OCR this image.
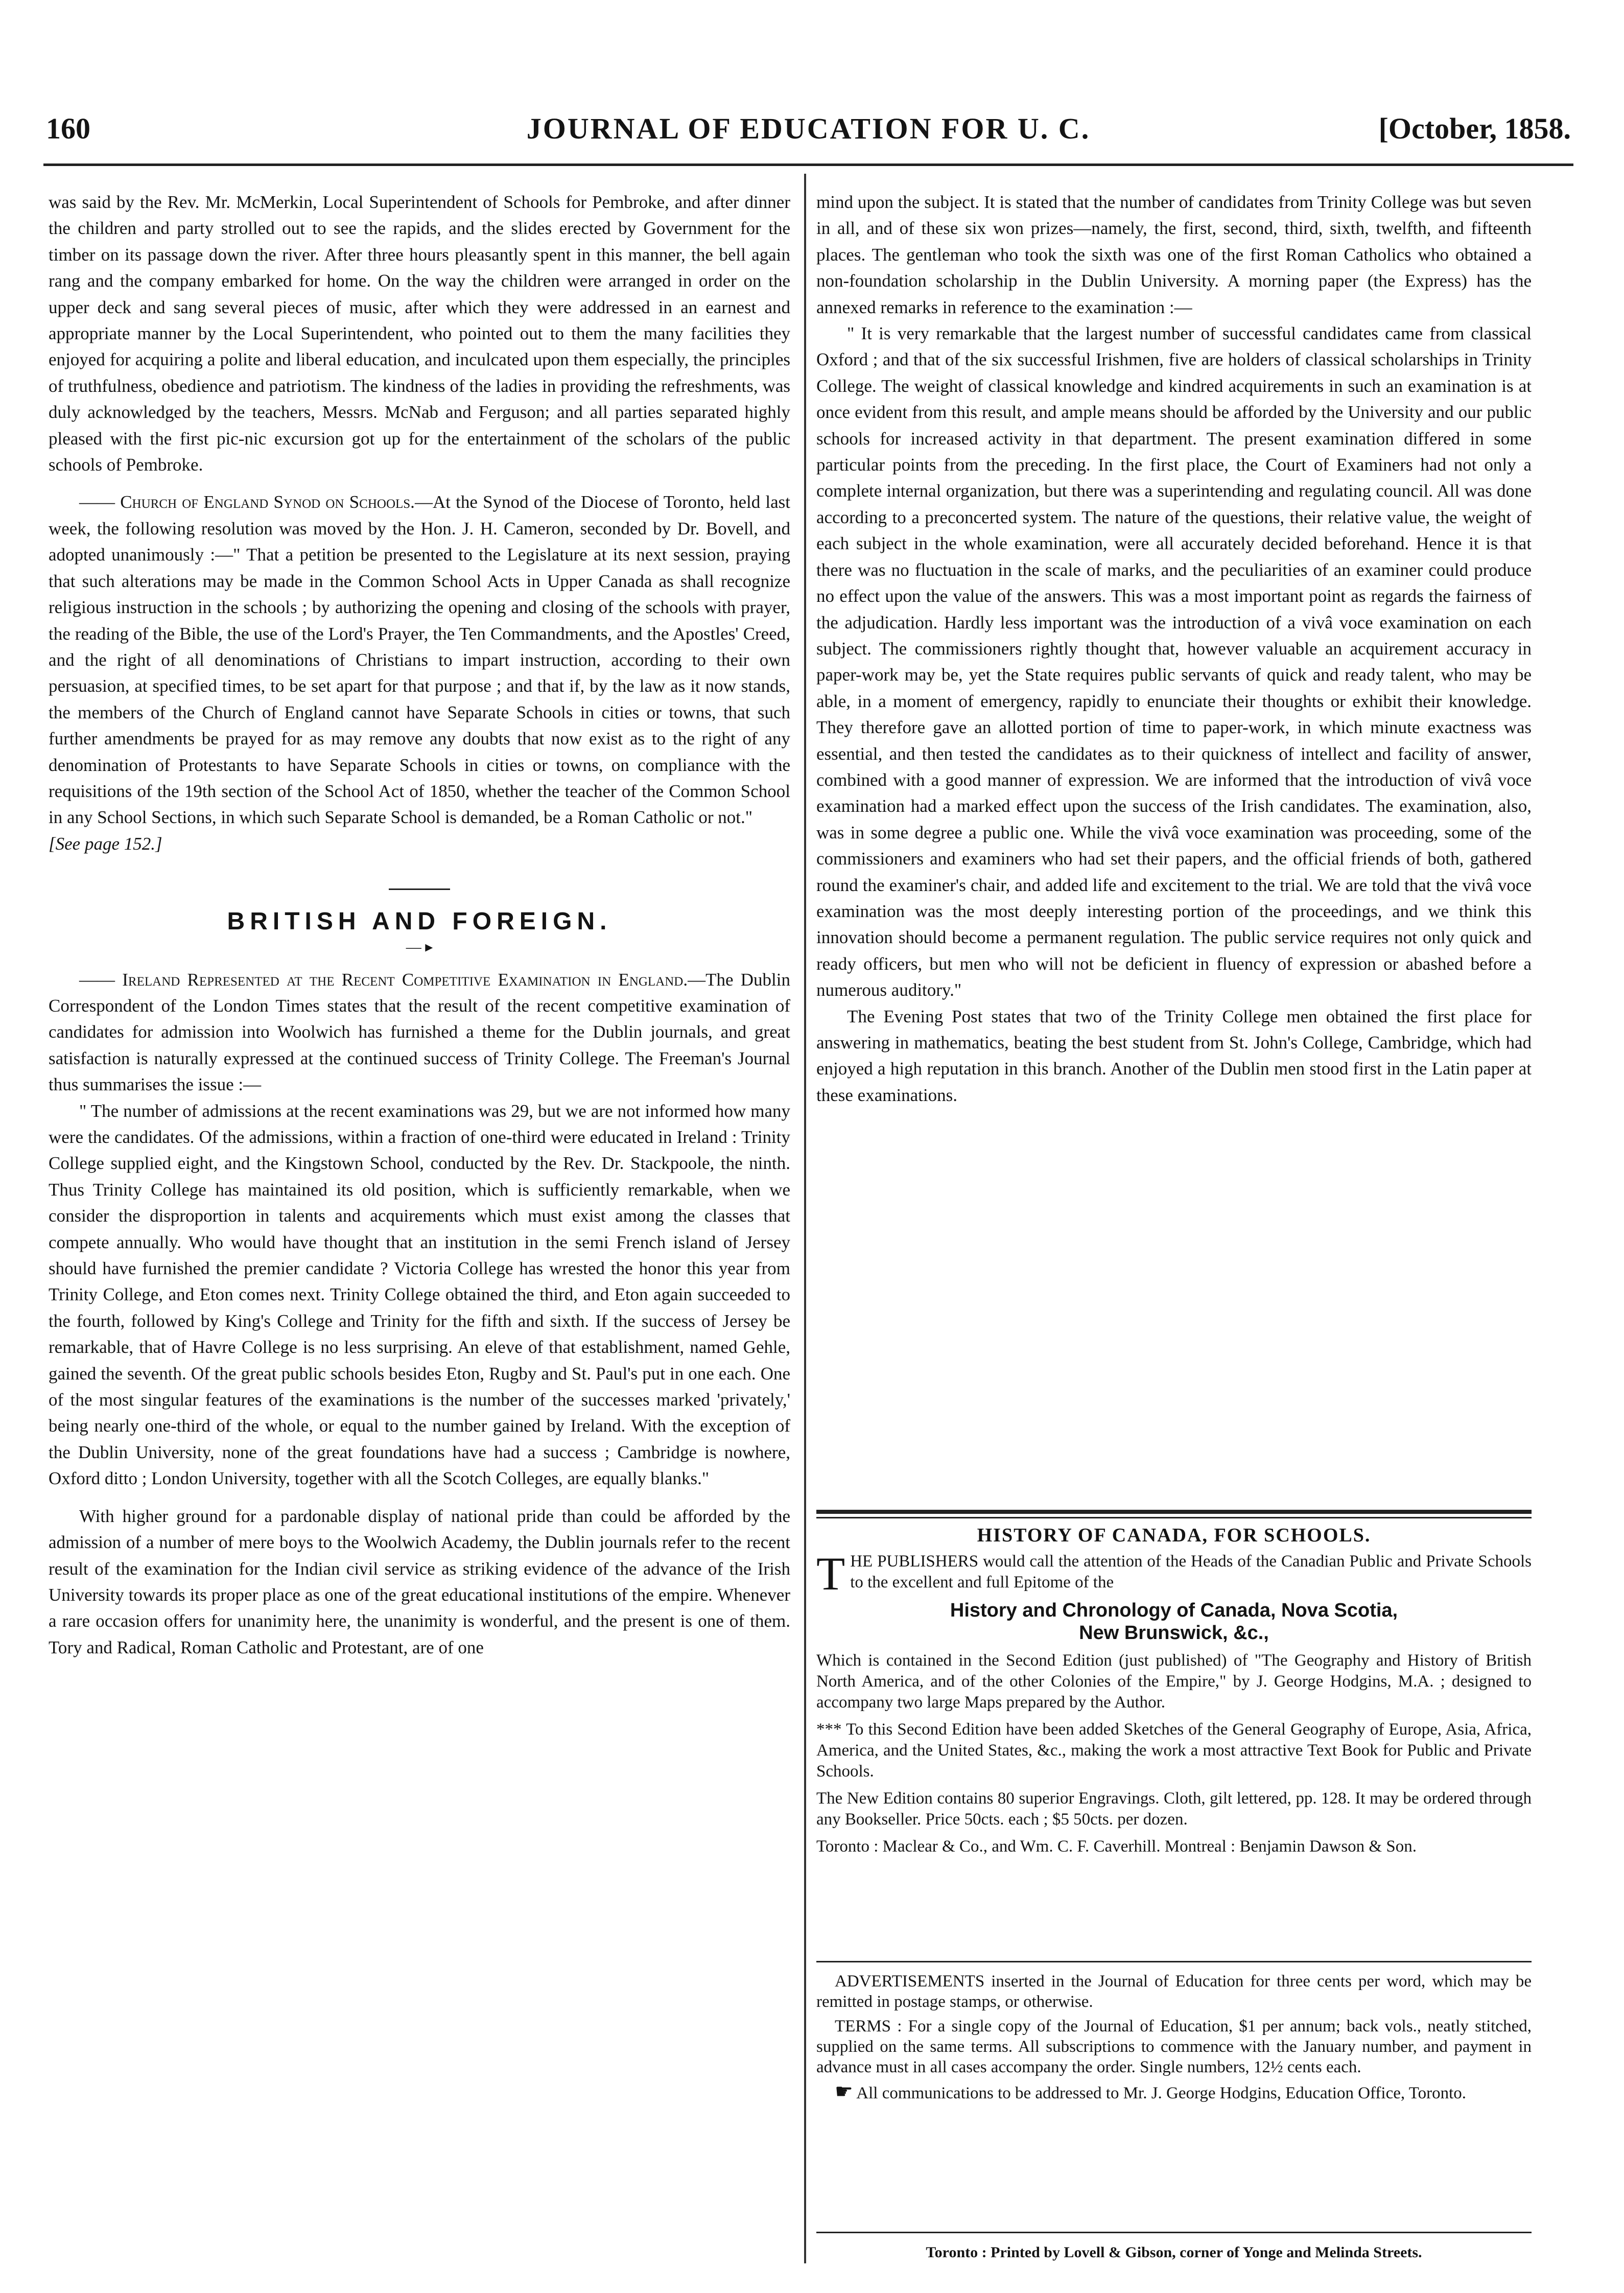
160	JOURNAL OF EDUCATION FOR U. C.	[October, 1858.

was said by the Rev. Mr. McMerkin, Local Superintendent of Schools for Pembroke, and after dinner the children and party strolled out to see the rapids, and the slides erected by Government for the timber on its passage down the river. After three hours pleasantly spent in this manner, the bell again rang and the company embarked for home. On the way the children were arranged in order on the upper deck and sang several pieces of music, after which they were addressed in an earnest and appropriate manner by the Local Superintendent, who pointed out to them the many facilities they enjoyed for acquiring a polite and liberal education, and inculcated upon them especially, the principles of truthfulness, obedience and patriotism. The kindness of the ladies in providing the refreshments, was duly acknowledged by the teachers, Messrs. McNab and Ferguson; and all parties separated highly pleased with the first pic-nic excursion got up for the entertainment of the scholars of the public schools of Pembroke.

—— Church of England Synod on Schools.—At the Synod of the Diocese of Toronto, held last week, the following resolution was moved by the Hon. J. H. Cameron, seconded by Dr. Bovell, and adopted unanimously :—" That a petition be presented to the Legislature at its next session, praying that such alterations may be made in the Common School Acts in Upper Canada as shall recognize religious instruction in the schools ; by authorizing the opening and closing of the schools with prayer, the reading of the Bible, the use of the Lord's Prayer, the Ten Commandments, and the Apostles' Creed, and the right of all denominations of Christians to impart instruction, according to their own persuasion, at specified times, to be set apart for that purpose ; and that if, by the law as it now stands, the members of the Church of England cannot have Separate Schools in cities or towns, that such further amendments be prayed for as may remove any doubts that now exist as to the right of any denomination of Protestants to have Separate Schools in cities or towns, on compliance with the requisitions of the 19th section of the School Act of 1850, whether the teacher of the Common School in any School Sections, in which such Separate School is demanded, be a Roman Catholic or not."

[See page 152.]

BRITISH AND FOREIGN.
— ▸

—— Ireland Represented at the Recent Competitive Examination in England.—The Dublin Correspondent of the London Times states that the result of the recent competitive examination of candidates for admission into Woolwich has furnished a theme for the Dublin journals, and great satisfaction is naturally expressed at the continued success of Trinity College. The Freeman's Journal thus summarises the issue :—

" The number of admissions at the recent examinations was 29, but we are not informed how many were the candidates. Of the admissions, within a fraction of one-third were educated in Ireland : Trinity College supplied eight, and the Kingstown School, conducted by the Rev. Dr. Stackpoole, the ninth. Thus Trinity College has maintained its old position, which is sufficiently remarkable, when we consider the disproportion in talents and acquirements which must exist among the classes that compete annually. Who would have thought that an institution in the semi French island of Jersey should have furnished the premier candidate ? Victoria College has wrested the honor this year from Trinity College, and Eton comes next. Trinity College obtained the third, and Eton again succeeded to the fourth, followed by King's College and Trinity for the fifth and sixth. If the success of Jersey be remarkable, that of Havre College is no less surprising. An eleve of that establishment, named Gehle, gained the seventh. Of the great public schools besides Eton, Rugby and St. Paul's put in one each. One of the most singular features of the examinations is the number of the successes marked 'privately,' being nearly one-third of the whole, or equal to the number gained by Ireland. With the exception of the Dublin University, none of the great foundations have had a success ; Cambridge is nowhere, Oxford ditto ; London University, together with all the Scotch Colleges, are equally blanks."

With higher ground for a pardonable display of national pride than could be afforded by the admission of a number of mere boys to the Woolwich Academy, the Dublin journals refer to the recent result of the examination for the Indian civil service as striking evidence of the advance of the Irish University towards its proper place as one of the great educational institutions of the empire. Whenever a rare occasion offers for unanimity here, the unanimity is wonderful, and the present is one of them. Tory and Radical, Roman Catholic and Protestant, are of one

mind upon the subject. It is stated that the number of candidates from Trinity College was but seven in all, and of these six won prizes—namely, the first, second, third, sixth, twelfth, and fifteenth places. The gentleman who took the sixth was one of the first Roman Catholics who obtained a non-foundation scholarship in the Dublin University. A morning paper (the Express) has the annexed remarks in reference to the examination :—

" It is very remarkable that the largest number of successful candidates came from classical Oxford ; and that of the six successful Irishmen, five are holders of classical scholarships in Trinity College. The weight of classical knowledge and kindred acquirements in such an examination is at once evident from this result, and ample means should be afforded by the University and our public schools for increased activity in that department. The present examination differed in some particular points from the preceding. In the first place, the Court of Examiners had not only a complete internal organization, but there was a superintending and regulating council. All was done according to a preconcerted system. The nature of the questions, their relative value, the weight of each subject in the whole examination, were all accurately decided beforehand. Hence it is that there was no fluctuation in the scale of marks, and the peculiarities of an examiner could produce no effect upon the value of the answers. This was a most important point as regards the fairness of the adjudication. Hardly less important was the introduction of a vivâ voce examination on each subject. The commissioners rightly thought that, however valuable an acquirement accuracy in paper-work may be, yet the State requires public servants of quick and ready talent, who may be able, in a moment of emergency, rapidly to enunciate their thoughts or exhibit their knowledge. They therefore gave an allotted portion of time to paper-work, in which minute exactness was essential, and then tested the candidates as to their quickness of intellect and facility of answer, combined with a good manner of expression. We are informed that the introduction of vivâ voce examination had a marked effect upon the success of the Irish candidates. The examination, also, was in some degree a public one. While the vivâ voce examination was proceeding, some of the commissioners and examiners who had set their papers, and the official friends of both, gathered round the examiner's chair, and added life and excitement to the trial. We are told that the vivâ voce examination was the most deeply interesting portion of the proceedings, and we think this innovation should become a permanent regulation. The public service requires not only quick and ready officers, but men who will not be deficient in fluency of expression or abashed before a numerous auditory."

The Evening Post states that two of the Trinity College men obtained the first place for answering in mathematics, beating the best student from St. John's College, Cambridge, which had enjoyed a high reputation in this branch. Another of the Dublin men stood first in the Latin paper at these examinations.

HISTORY OF CANADA, FOR SCHOOLS.

THE PUBLISHERS would call the attention of the Heads of the Canadian Public and Private Schools to the excellent and full Epitome of the

History and Chronology of Canada, Nova Scotia,
New Brunswick, &c.,

Which is contained in the Second Edition (just published) of "The Geography and History of British North America, and of the other Colonies of the Empire," by J. George Hodgins, M.A. ; designed to accompany two large Maps prepared by the Author.

*** To this Second Edition have been added Sketches of the General Geography of Europe, Asia, Africa, America, and the United States, &c., making the work a most attractive Text Book for Public and Private Schools.

The New Edition contains 80 superior Engravings. Cloth, gilt lettered, pp. 128. It may be ordered through any Bookseller. Price 50cts. each ; $5 50cts. per dozen.

Toronto : Maclear & Co., and Wm. C. F. Caverhill. Montreal : Benjamin Dawson & Son.

ADVERTISEMENTS inserted in the Journal of Education for three cents per word, which may be remitted in postage stamps, or otherwise.

TERMS : For a single copy of the Journal of Education, $1 per annum; back vols., neatly stitched, supplied on the same terms. All subscriptions to commence with the January number, and payment in advance must in all cases accompany the order. Single numbers, 12½ cents each.

☛ All communications to be addressed to Mr. J. George Hodgins, Education Office, Toronto.

Toronto : Printed by Lovell & Gibson, corner of Yonge and Melinda Streets.
